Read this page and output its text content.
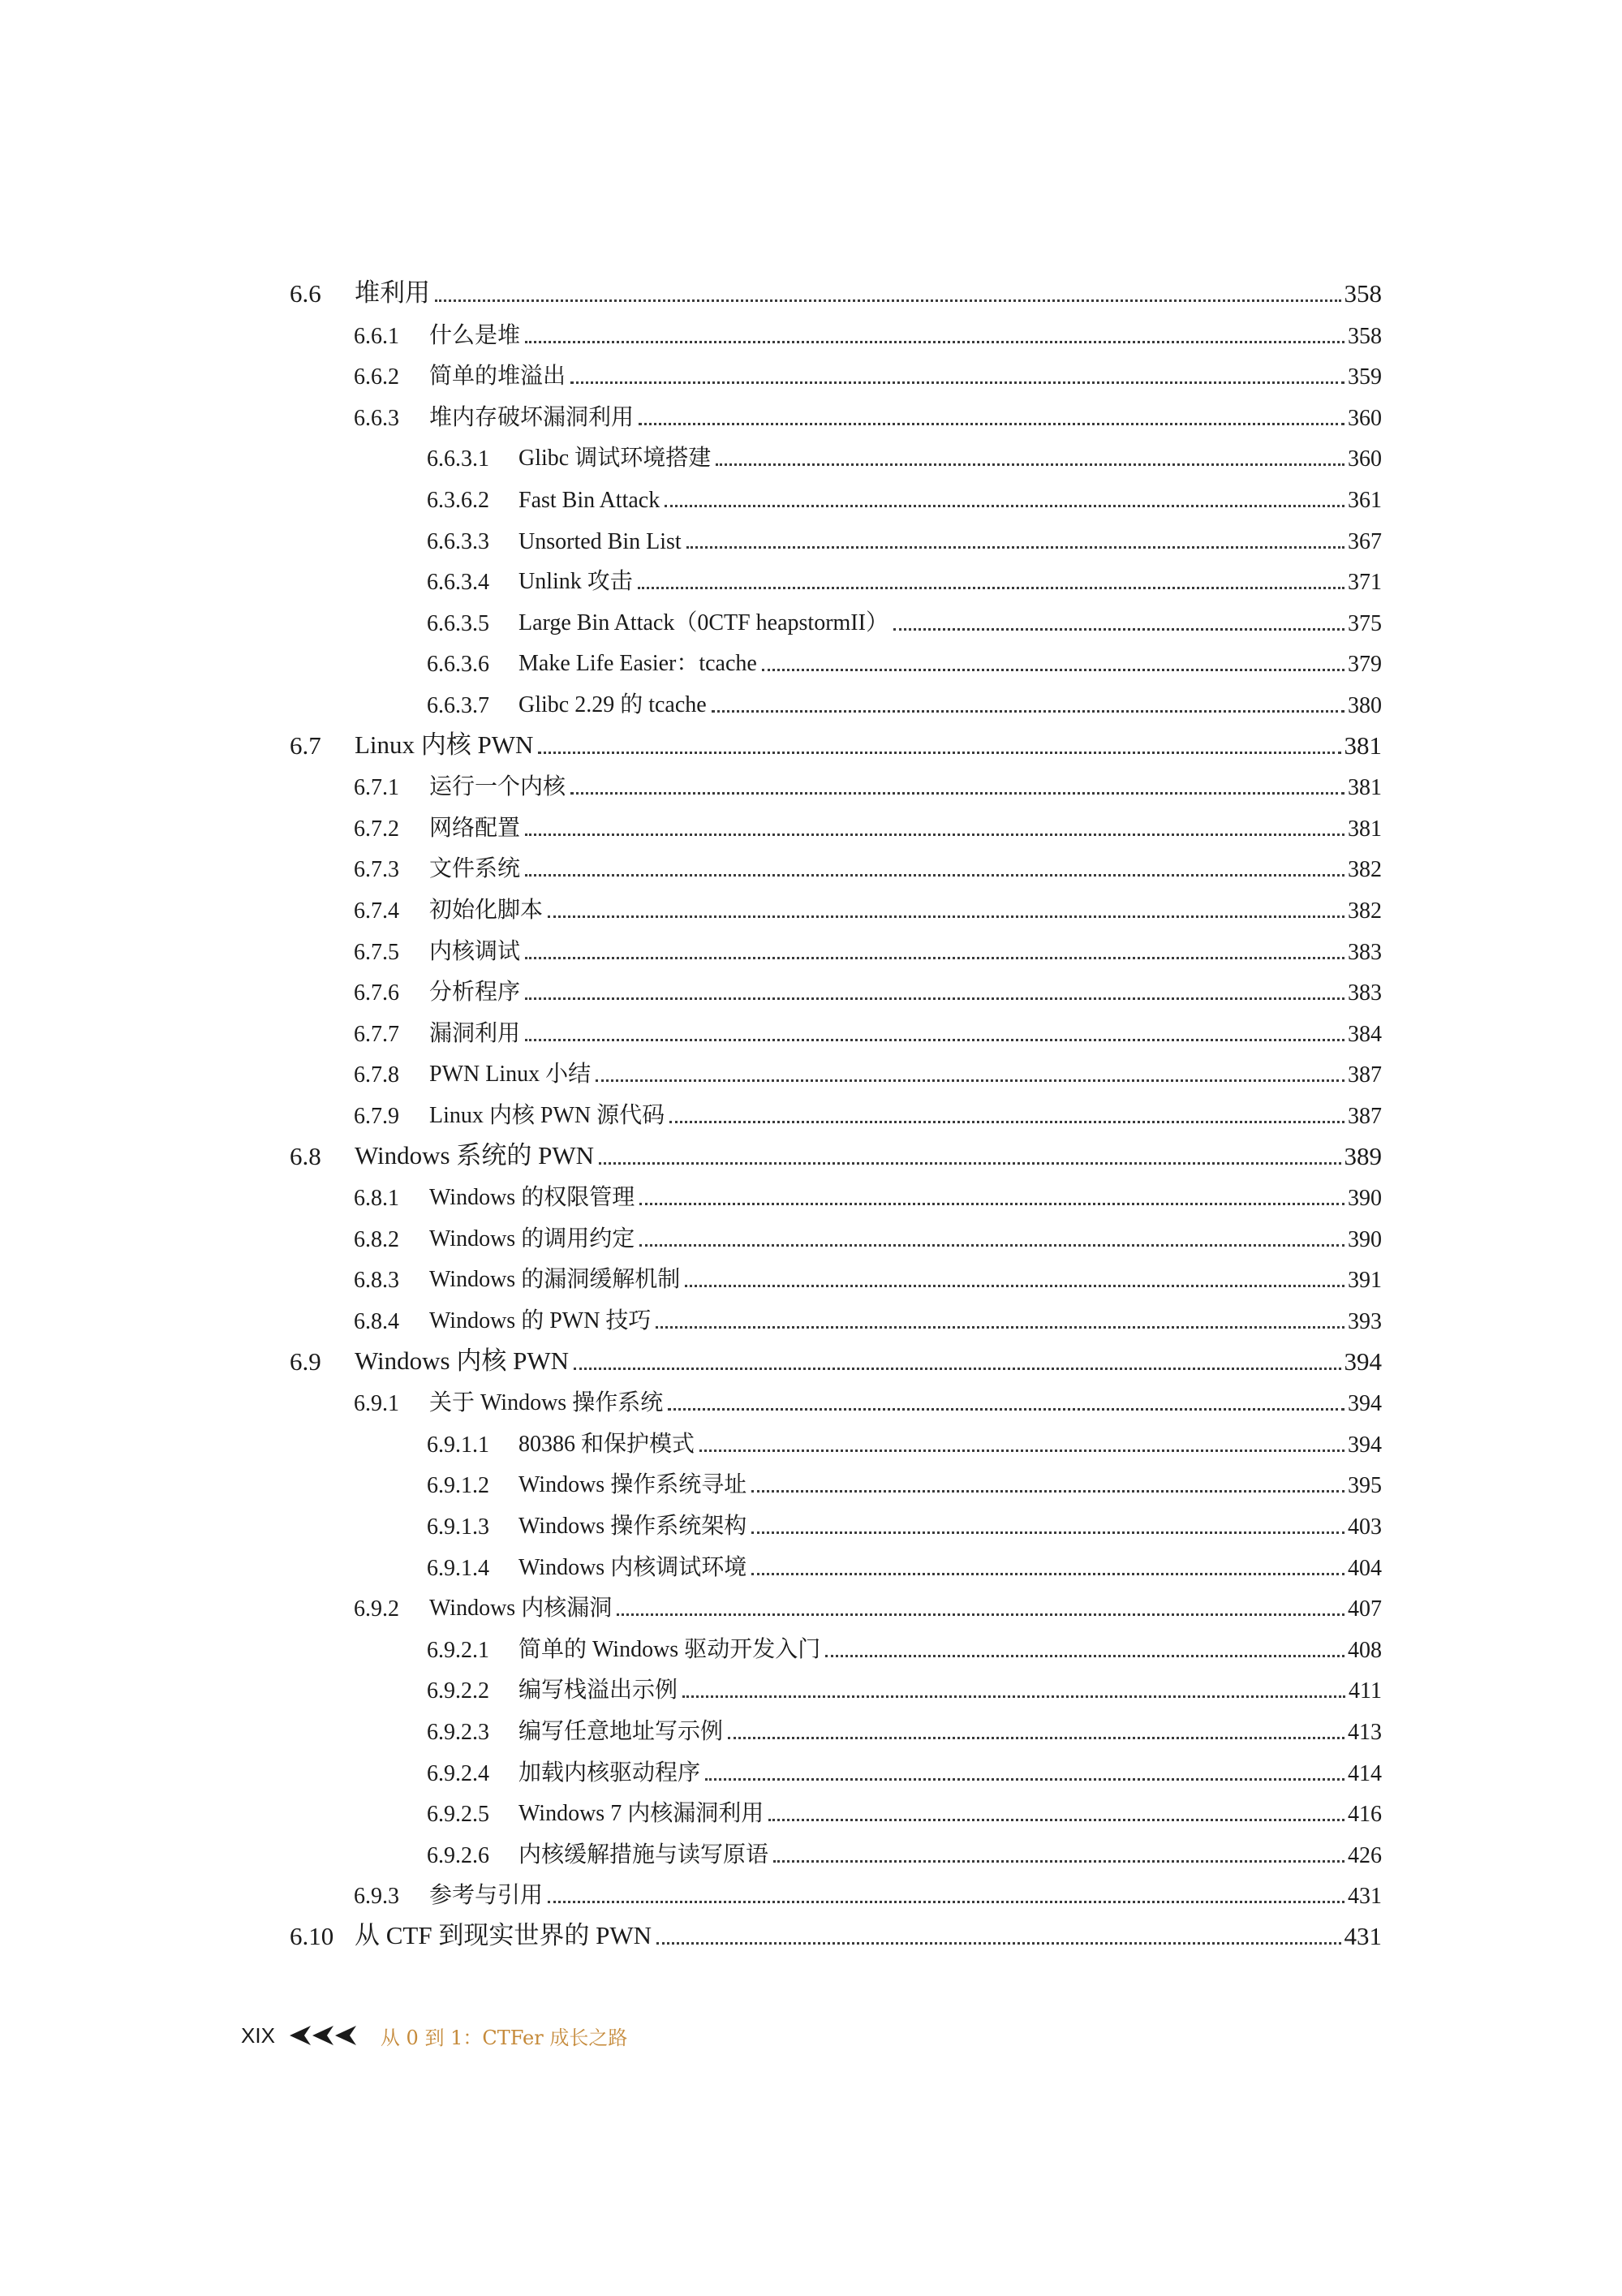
6.6	堆利用	358
6.6.1	什么是堆	358
6.6.2	简单的堆溢出	359
6.6.3	堆内存破坏漏洞利用	360
6.6.3.1	Glibc 调试环境搭建	360
6.3.6.2	Fast Bin Attack	361
6.6.3.3	Unsorted Bin List	367
6.6.3.4	Unlink 攻击	371
6.6.3.5	Large Bin Attack（0CTF heapstormII）	375
6.6.3.6	Make Life Easier：tcache	379
6.6.3.7	Glibc 2.29 的 tcache	380
6.7	Linux 内核 PWN	381
6.7.1	运行一个内核	381
6.7.2	网络配置	381
6.7.3	文件系统	382
6.7.4	初始化脚本	382
6.7.5	内核调试	383
6.7.6	分析程序	383
6.7.7	漏洞利用	384
6.7.8	PWN Linux 小结	387
6.7.9	Linux 内核 PWN 源代码	387
6.8	Windows 系统的 PWN	389
6.8.1	Windows 的权限管理	390
6.8.2	Windows 的调用约定	390
6.8.3	Windows 的漏洞缓解机制	391
6.8.4	Windows 的 PWN 技巧	393
6.9	Windows 内核 PWN	394
6.9.1	关于 Windows 操作系统	394
6.9.1.1	80386 和保护模式	394
6.9.1.2	Windows 操作系统寻址	395
6.9.1.3	Windows 操作系统架构	403
6.9.1.4	Windows 内核调试环境	404
6.9.2	Windows 内核漏洞	407
6.9.2.1	简单的 Windows 驱动开发入门	408
6.9.2.2	编写栈溢出示例	411
6.9.2.3	编写任意地址写示例	413
6.9.2.4	加载内核驱动程序	414
6.9.2.5	Windows 7 内核漏洞利用	416
6.9.2.6	内核缓解措施与读写原语	426
6.9.3	参考与引用	431
6.10 从 CTF 到现实世界的 PWN	431
XIX	从 0 到 1：CTFer 成长之路
